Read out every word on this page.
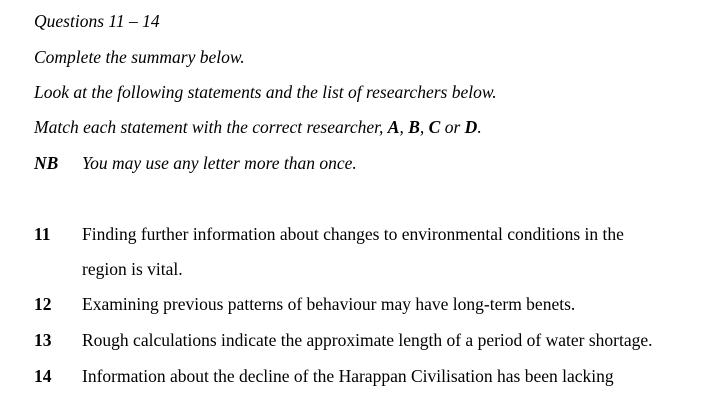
Questions 11 – 14
Complete the summary below.
Look at the following statements and the list of researchers below.
Match each statement with the correct researcher, A, B, C or D.
NB You may use any letter more than once.
11 Finding further information about changes to environmental conditions in the
region is vital.
12 Examining previous patterns of behaviour may have long-term benets.
13 Rough calculations indicate the approximate length of a period of water shortage.
14 Information about the decline of the Harappan Civilisation has been lacking
